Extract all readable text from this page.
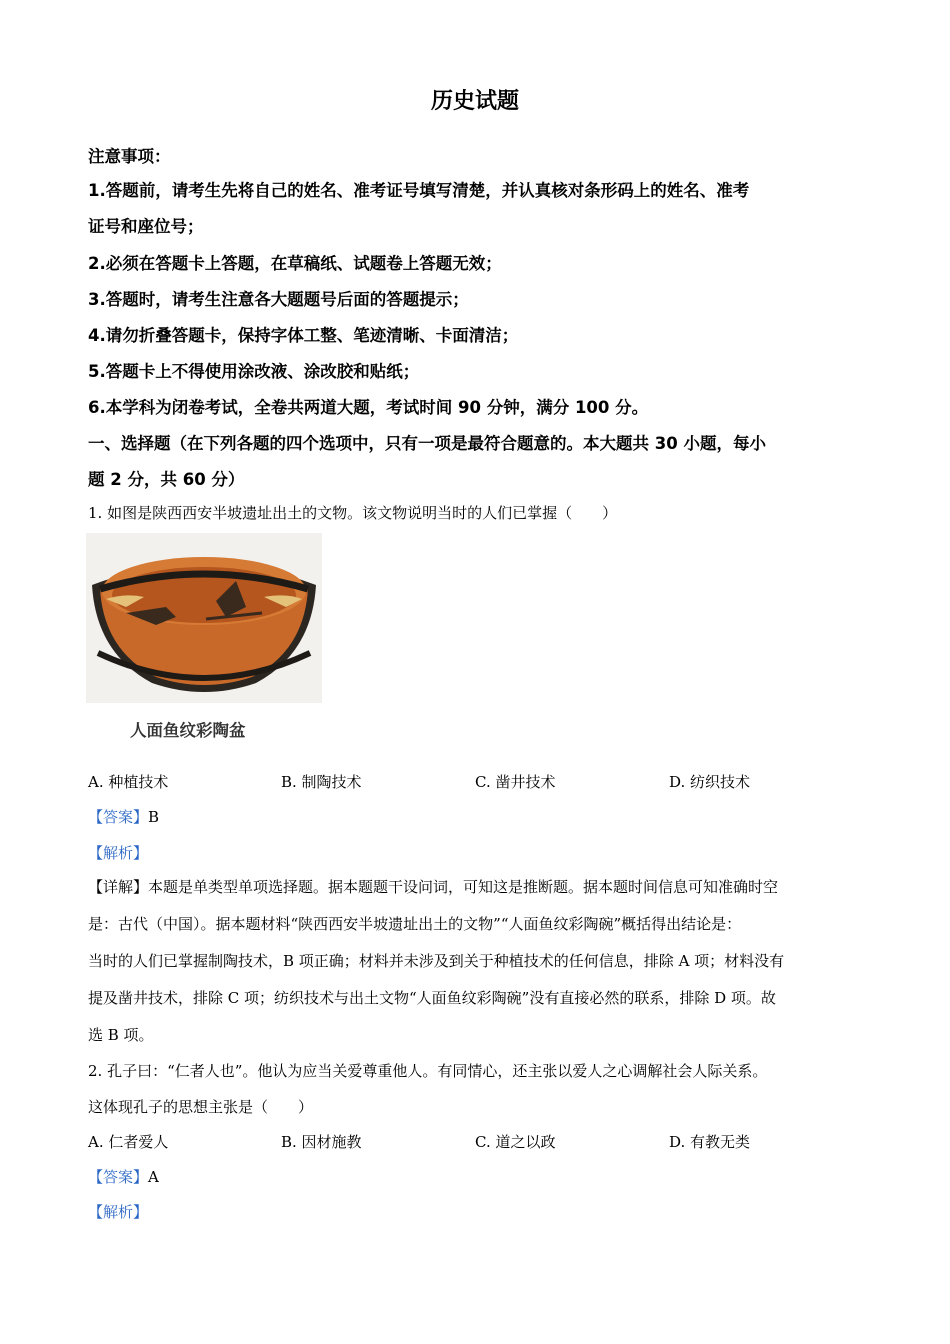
历史试题
注意事项：
1.答题前，请考生先将自己的姓名、准考证号填写清楚，并认真核对条形码上的姓名、准考
证号和座位号；
2.必须在答题卡上答题，在草稿纸、试题卷上答题无效；
3.答题时，请考生注意各大题题号后面的答题提示；
4.请勿折叠答题卡，保持字体工整、笔迹清晰、卡面清洁；
5.答题卡上不得使用涂改液、涂改胶和贴纸；
6.本学科为闭卷考试，全卷共两道大题，考试时间 90 分钟，满分 100 分。
一、选择题（在下列各题的四个选项中，只有一项是最符合题意的。本大题共 30 小题，每小
题 2 分，共 60 分）
1. 如图是陕西西安半坡遗址出土的文物。该文物说明当时的人们已掌握（　　）
人面鱼纹彩陶盆
A. 种植技术	B. 制陶技术	C. 凿井技术	D. 纺织技术
【答案】B
【解析】
【详解】本题是单类型单项选择题。据本题题干设问词，可知这是推断题。据本题时间信息可知准确时空
是：古代（中国）。据本题材料“陕西西安半坡遗址出土的文物”“人面鱼纹彩陶碗”概括得出结论是：
当时的人们已掌握制陶技术，B 项正确；材料并未涉及到关于种植技术的任何信息，排除 A 项；材料没有
提及凿井技术，排除 C 项；纺织技术与出土文物“人面鱼纹彩陶碗”没有直接必然的联系，排除 D 项。故
选 B 项。
2. 孔子曰：“仁者人也”。他认为应当关爱尊重他人。有同情心，还主张以爱人之心调解社会人际关系。
这体现孔子的思想主张是（　　）
A. 仁者爱人	B. 因材施教	C. 道之以政	D. 有教无类
【答案】A
【解析】
